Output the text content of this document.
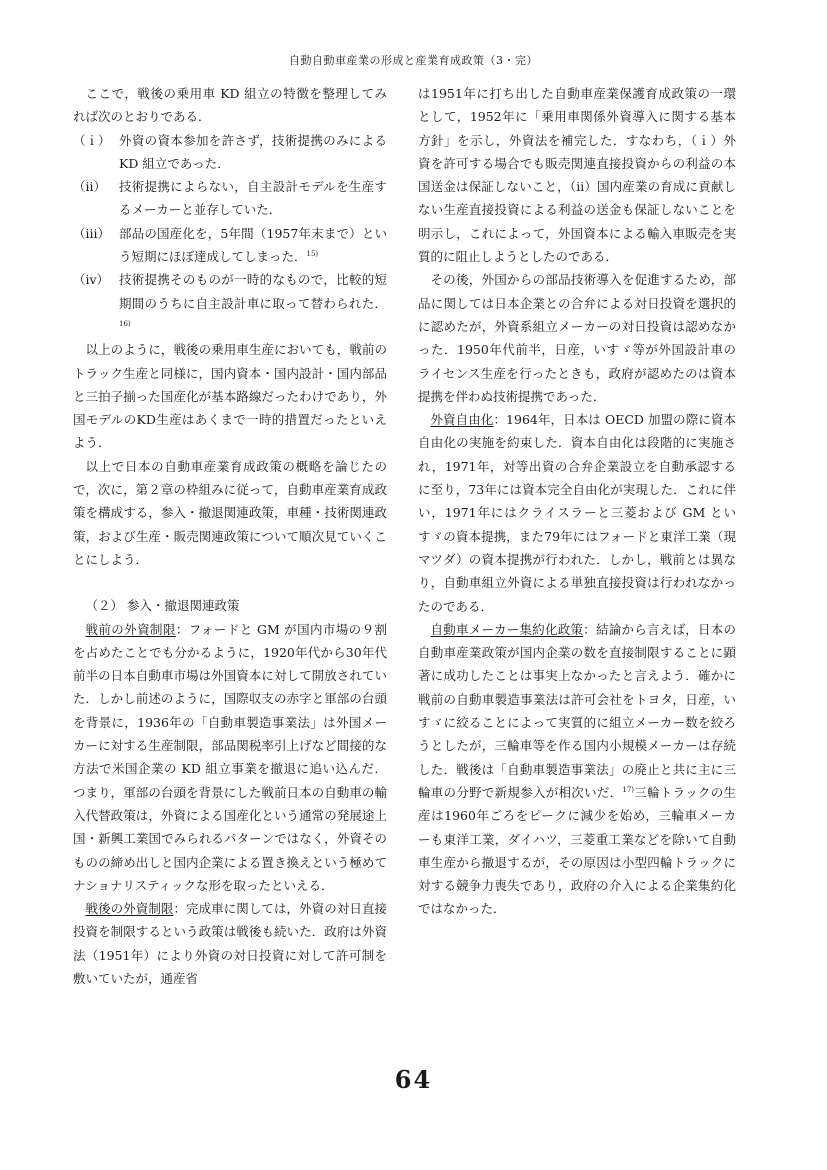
自動自動車産業の形成と産業育成政策（3・完）

ここで，戦後の乗用車 KD 組立の特徴を整理してみれば次のとおりである．

（ｉ） 外資の資本参加を許さず，技術提携のみによる KD 組立であった．
（ii）	技術提携によらない，自主設計モデルを生産するメーカーと並存していた．
（iii） 部品の国産化を，5年間（1957年末まで）という短期にほぼ達成してしまった．$^{15)}$
（iv） 技術提携そのものが一時的なもので，比較的短期間のうちに自主設計車に取って替わられた．$^{16)}$

以上のように，戦後の乗用車生産においても，戦前のトラック生産と同様に，国内資本・国内設計・国内部品と三拍子揃った国産化が基本路線だったわけであり，外国モデルのKD生産はあくまで一時的措置だったといえよう．

以上で日本の自動車産業育成政策の概略を論じたので，次に，第２章の枠組みに従って，自動車産業育成政策を構成する，参入・撤退関連政策，車種・技術関連政策，および生産・販売関連政策について順次見ていくことにしよう．

（２） 参入・撤退関連政策

戦前の外資制限：フォードと GM が国内市場の９割を占めたことでも分かるように，1920年代から30年代前半の日本自動車市場は外国資本に対して開放されていた．しかし前述のように，国際収支の赤字と軍部の台頭を背景に，1936年の「自動車製造事業法」は外国メーカーに対する生産制限，部品関税率引上げなど間接的な方法で米国企業の KD 組立事業を撤退に追い込んだ．つまり，軍部の台頭を背景にした戦前日本の自動車の輸入代替政策は，外資による国産化という通常の発展途上国・新興工業国でみられるパターンではなく，外資そのものの締め出しと国内企業による置き換えという極めてナショナリスティックな形を取ったといえる．

戦後の外資制限：完成車に関しては，外資の対日直接投資を制限するという政策は戦後も続いた．政府は外資法（1951年）により外資の対日投資に対して許可制を敷いていたが，通産省

は1951年に打ち出した自動車産業保護育成政策の一環として，1952年に「乗用車関係外資導入に関する基本方針」を示し，外資法を補完した．すなわち，（ｉ）外資を許可する場合でも販売関連直接投資からの利益の本国送金は保証しないこと，（ii）国内産業の育成に貢献しない生産直接投資による利益の送金も保証しないことを明示し，これによって，外国資本による輸入車販売を実質的に阻止しようとしたのである．

その後，外国からの部品技術導入を促進するため，部品に関しては日本企業との合弁による対日投資を選択的に認めたが，外資系組立メーカーの対日投資は認めなかった．1950年代前半，日産，いすゞ等が外国設計車のライセンス生産を行ったときも，政府が認めたのは資本提携を伴わぬ技術提携であった．

外資自由化：1964年，日本は OECD 加盟の際に資本自由化の実施を約束した．資本自由化は段階的に実施され，1971年，対等出資の合弁企業設立を自動承認するに至り，73年には資本完全自由化が実現した．これに伴い，1971年にはクライスラーと三菱および GM といすゞの資本提携，また79年にはフォードと東洋工業（現マツダ）の資本提携が行われた．しかし，戦前とは異なり，自動車組立外資による単独直接投資は行われなかったのである．

自動車メーカー集約化政策：結論から言えば，日本の自動車産業政策が国内企業の数を直接制限することに顕著に成功したことは事実上なかったと言えよう．確かに戦前の自動車製造事業法は許可会社をトヨタ，日産，いすゞに絞ることによって実質的に組立メーカー数を絞ろうとしたが，三輪車等を作る国内小規模メーカーは存続した．戦後は「自動車製造事業法」の廃止と共に主に三輪車の分野で新規参入が相次いだ．$^{17)}$三輪トラックの生産は1960年ごろをピークに減少を始め，三輪車メーカーも東洋工業，ダイハツ，三菱重工業などを除いて自動車生産から撤退するが，その原因は小型四輪トラックに対する競争力喪失であり，政府の介入による企業集約化ではなかった．

64
